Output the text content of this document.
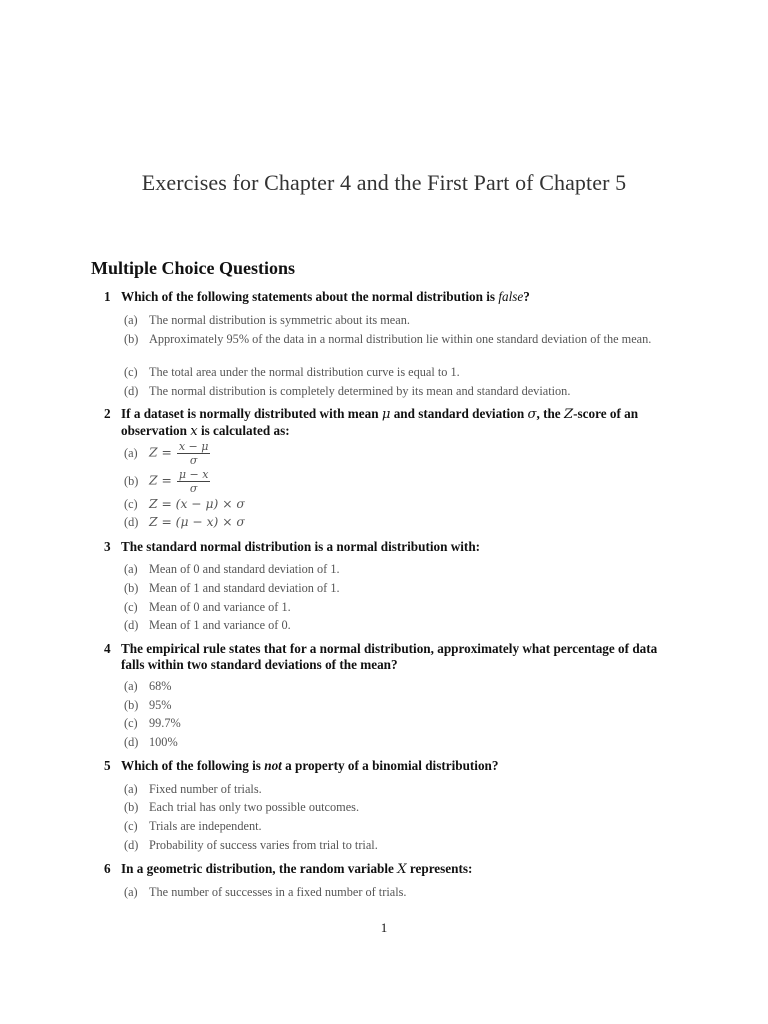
Exercises for Chapter 4 and the First Part of Chapter 5
Multiple Choice Questions
1 Which of the following statements about the normal distribution is false?
(a) The normal distribution is symmetric about its mean.
(b) Approximately 95% of the data in a normal distribution lie within one standard deviation of the mean.
(c) The total area under the normal distribution curve is equal to 1.
(d) The normal distribution is completely determined by its mean and standard deviation.
2 If a dataset is normally distributed with mean μ and standard deviation σ, the Z-score of an observation x is calculated as:
(a) $Z = \frac{x - \mu}{\sigma}$
(b) $Z = \frac{\mu - x}{\sigma}$
(c) Z = (x − μ) × σ
(d) Z = (μ − x) × σ
3 The standard normal distribution is a normal distribution with:
(a) Mean of 0 and standard deviation of 1.
(b) Mean of 1 and standard deviation of 1.
(c) Mean of 0 and variance of 1.
(d) Mean of 1 and variance of 0.
4 The empirical rule states that for a normal distribution, approximately what percentage of data falls within two standard deviations of the mean?
(a) 68%
(b) 95%
(c) 99.7%
(d) 100%
5 Which of the following is not a property of a binomial distribution?
(a) Fixed number of trials.
(b) Each trial has only two possible outcomes.
(c) Trials are independent.
(d) Probability of success varies from trial to trial.
6 In a geometric distribution, the random variable X represents:
(a) The number of successes in a fixed number of trials.
1
